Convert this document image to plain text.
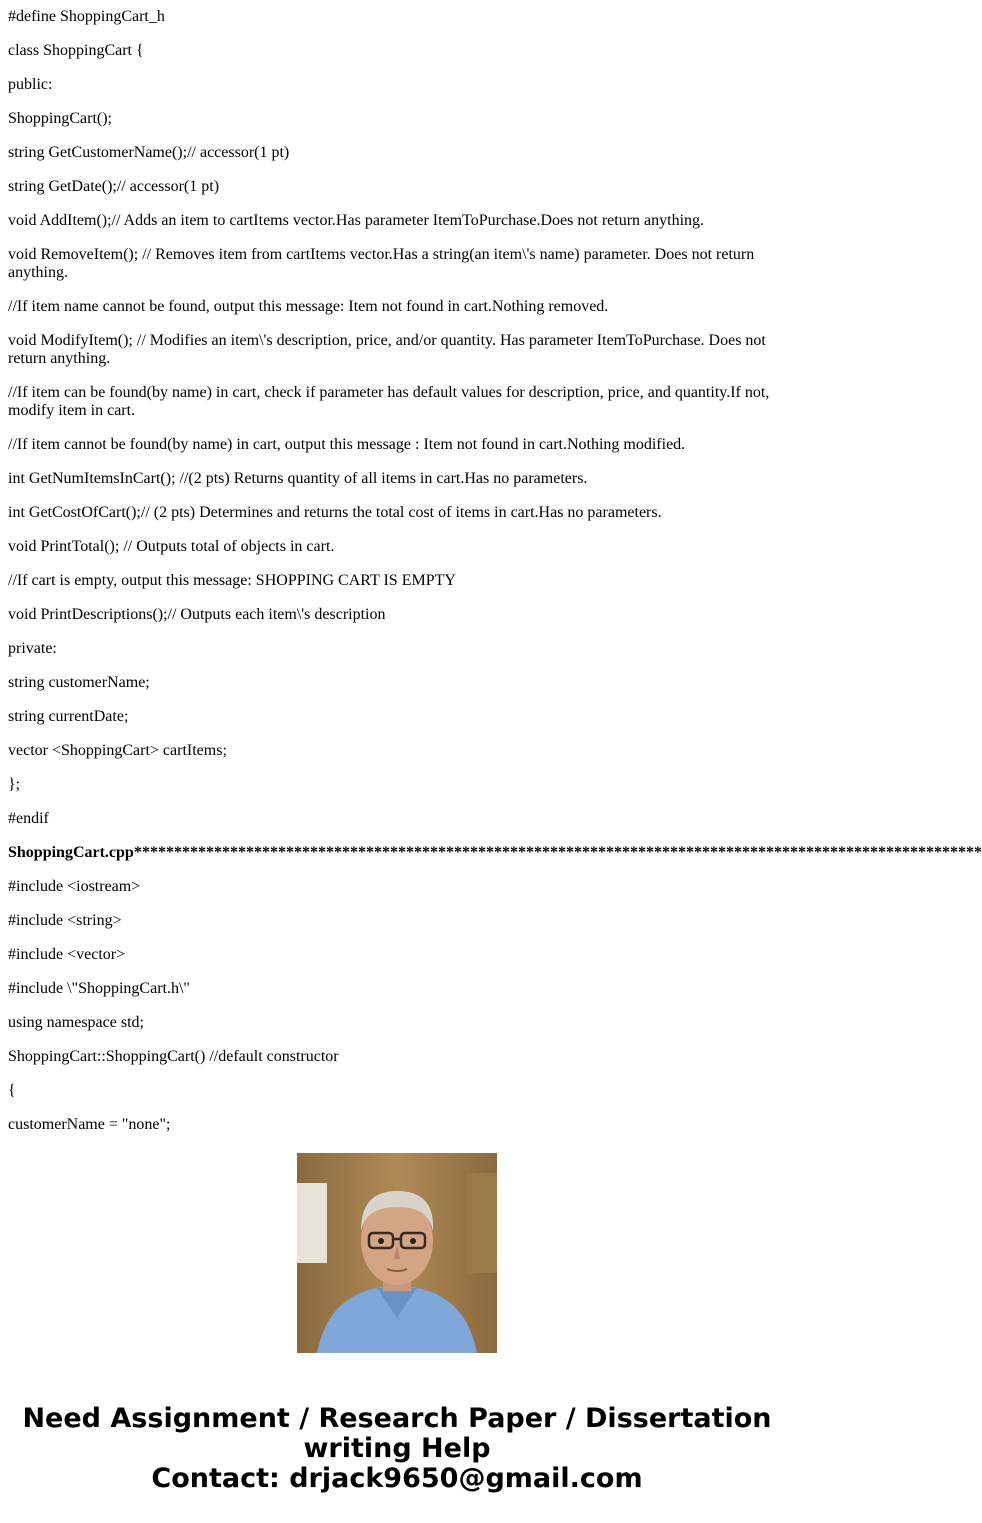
#define ShoppingCart_h

class ShoppingCart {

public:

ShoppingCart();

string GetCustomerName();// accessor(1 pt)

string GetDate();// accessor(1 pt)

void AddItem();// Adds an item to cartItems vector.Has parameter ItemToPurchase.Does not return anything.

void RemoveItem(); // Removes item from cartItems vector.Has a string(an item\'s name) parameter. Does not return anything.

//If item name cannot be found, output this message: Item not found in cart.Nothing removed.

void ModifyItem(); // Modifies an item\'s description, price, and/or quantity. Has parameter ItemToPurchase. Does not return anything.

//If item can be found(by name) in cart, check if parameter has default values for description, price, and quantity.If not, modify item in cart.

//If item cannot be found(by name) in cart, output this message : Item not found in cart.Nothing modified.

int GetNumItemsInCart(); //(2 pts) Returns quantity of all items in cart.Has no parameters.

int GetCostOfCart();// (2 pts) Determines and returns the total cost of items in cart.Has no parameters.

void PrintTotal(); // Outputs total of objects in cart.

//If cart is empty, output this message: SHOPPING CART IS EMPTY

void PrintDescriptions();// Outputs each item\'s description

private:

string customerName;

string currentDate;

vector <ShoppingCart> cartItems;

};

#endif

ShoppingCart.cpp**********************************************************************************************************

#include <iostream>

#include <string>

#include <vector>

#include \"ShoppingCart.h\"

using namespace std;

ShoppingCart::ShoppingCart() //default constructor

{

customerName = "none";

Need Assignment / Research Paper / Dissertation
writing Help
Contact: drjack9650@gmail.com
